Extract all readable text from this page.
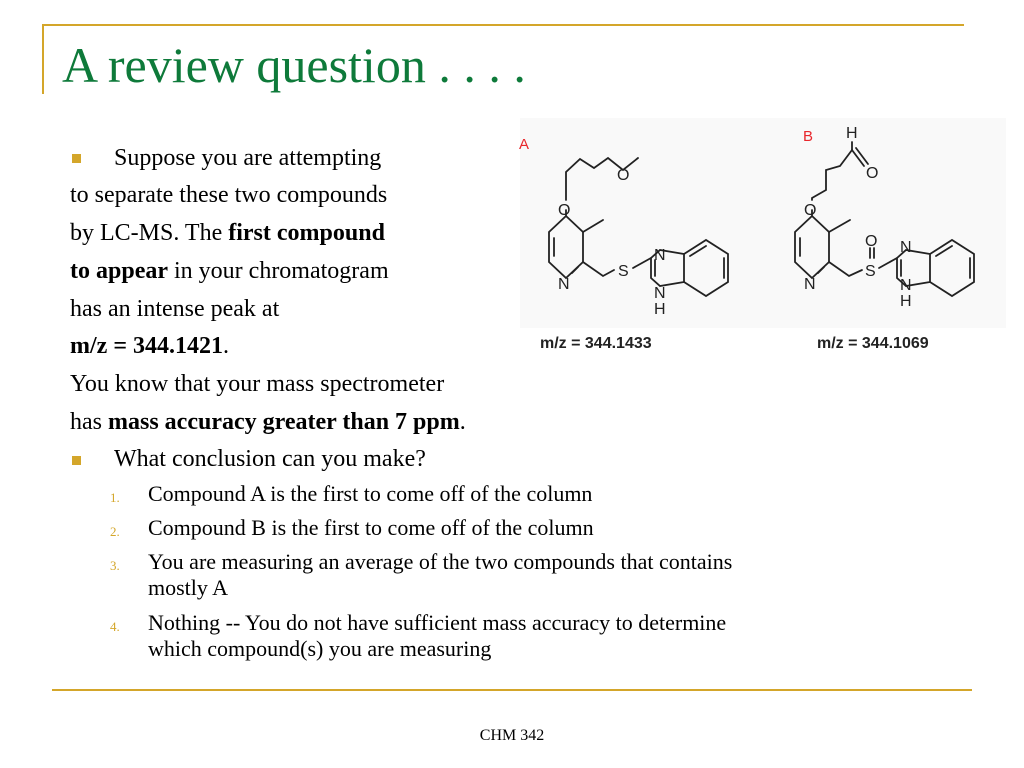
A review question . . . .
Suppose you are attempting
to separate these two compounds
by LC-MS. The first compound
to appear in your chromatogram
has an intense peak at
m/z = 344.1421.
You know that your mass spectrometer
has mass accuracy greater than 7 ppm.
What conclusion can you make?
1. Compound A is the first to come off of the column
2. Compound B is the first to come off of the column
3. You are measuring an average of the two compounds that contains
mostly A
4. Nothing -- You do not have sufficient mass accuracy to determine
which compound(s) you are measuring
O
O
N
S
N
N
H
H
O
O
N
O
S
N
N
H
A	B
m/z = 344.1433	m/z = 344.1069
CHM 342
